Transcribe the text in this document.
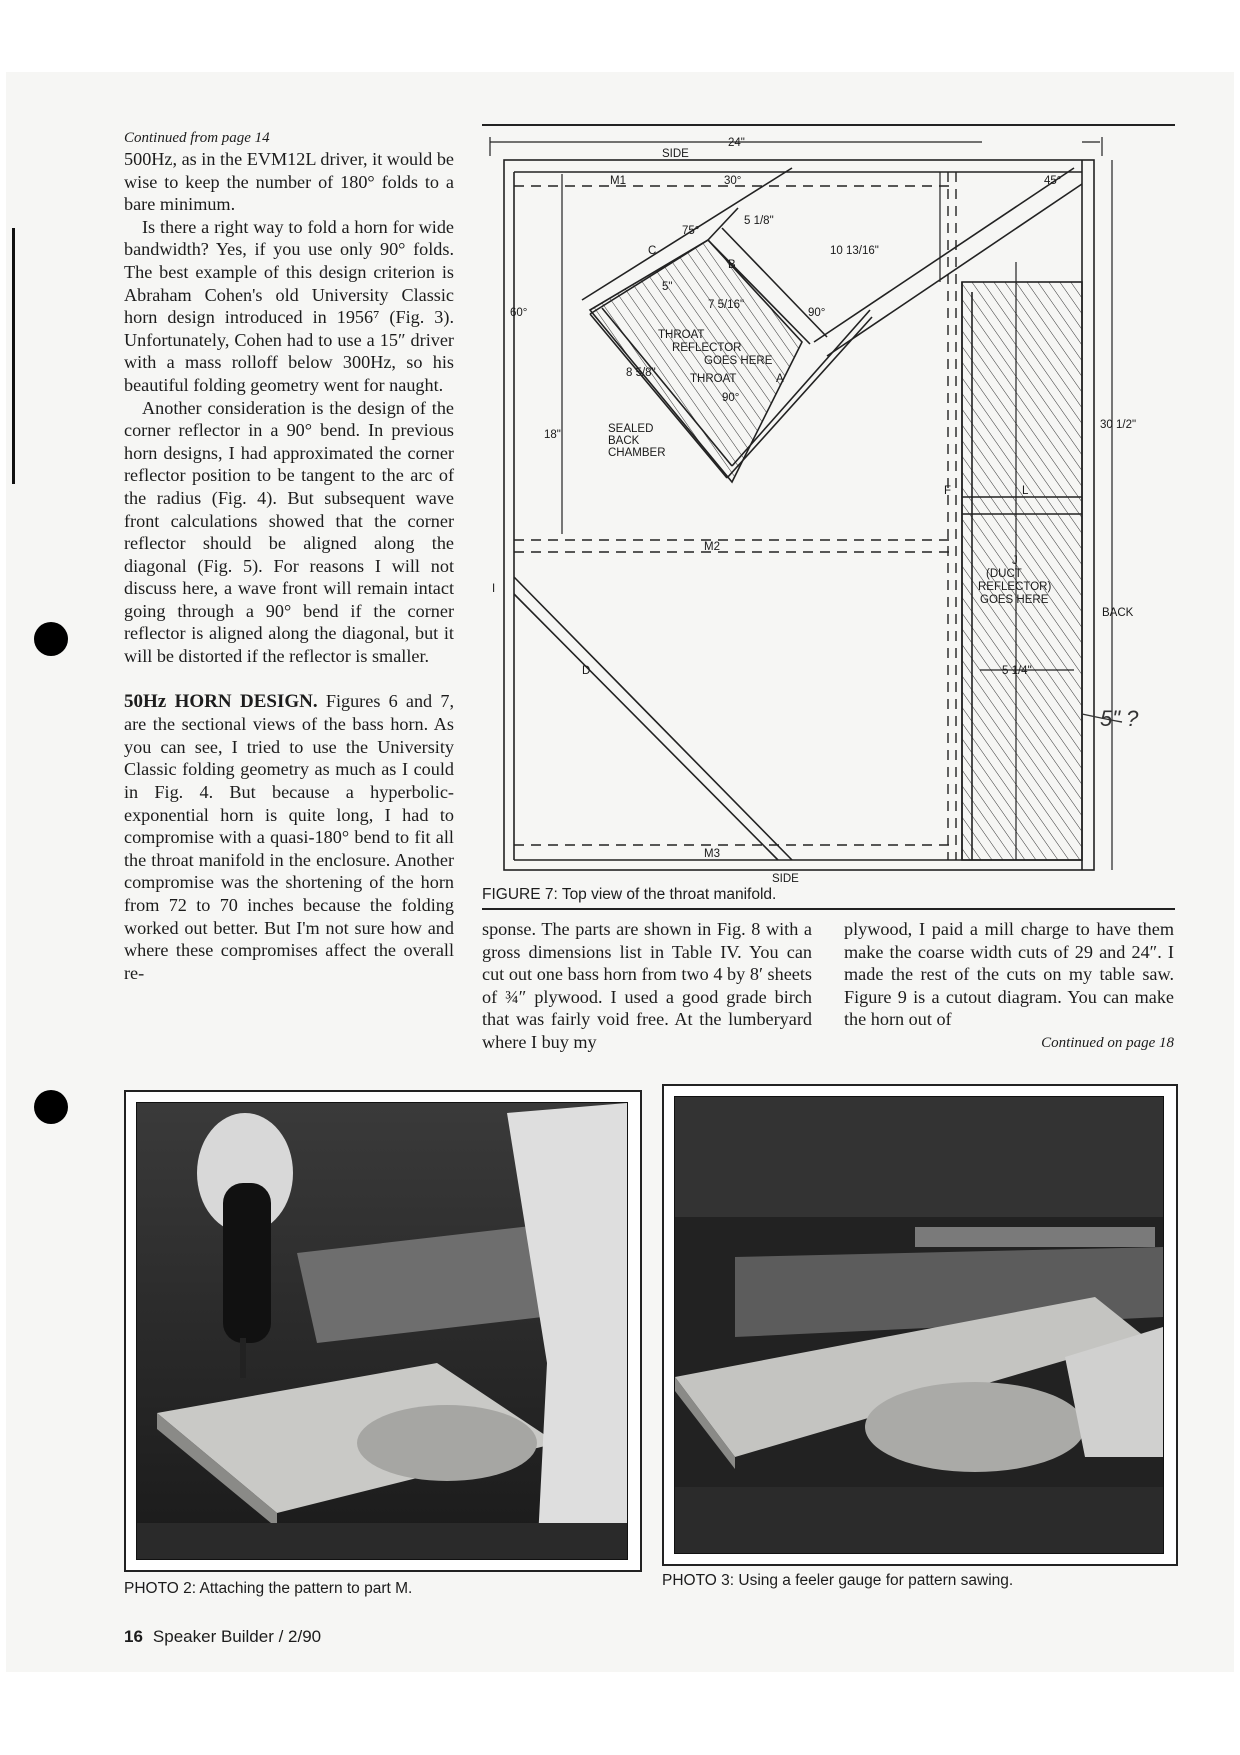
Continued from page 14

500Hz, as in the EVM12L driver, it would be wise to keep the number of 180° folds to a bare minimum.

Is there a right way to fold a horn for wide bandwidth? Yes, if you use only 90° folds. The best example of this design criterion is Abraham Cohen's old University Classic horn design introduced in 1956⁷ (Fig. 3). Unfortunately, Cohen had to use a 15″ driver with a mass rolloff below 300Hz, so his beautiful folding geometry went for naught.

Another consideration is the design of the corner reflector in a 90° bend. In previous horn designs, I had approximated the corner reflector position to be tangent to the arc of the radius (Fig. 4). But subsequent wave front calculations showed that the corner reflector should be aligned along the diagonal (Fig. 5). For reasons I will not discuss here, a wave front will remain intact going through a 90° bend if the corner reflector is aligned along the diagonal, but it will be distorted if the reflector is smaller.

50Hz HORN DESIGN. Figures 6 and 7, are the sectional views of the bass horn. As you can see, I tried to use the University Classic folding geometry as much as I could in Fig. 4. But because a hyperbolic-exponential horn is quite long, I had to compromise with a quasi-180° bend to fit all the throat manifold in the enclosure. Another compromise was the shortening of the horn from 72 to 70 inches because the folding worked out better. But I'm not sure how and where these compromises affect the overall re-

24"
SIDE
M1	30°	45°
5 1/8"
75°
10 13/16"
C
B
5"
7 5/16"
60°	90°
THROAT
REFLECTOR
GOES HERE
8 5/8"	THROAT	A
90°
18"	SEALED
BACK
CHAMBER
30 1/2"
L
F
M2
J
(DUCT
REFLECTOR)
GOES HERE
I
BACK
D	5 1/4"
M3
SIDE
5" ?
FIGURE 7: Top view of the throat manifold.

sponse. The parts are shown in Fig. 8 with a gross dimensions list in Table IV. You can cut out one bass horn from two 4 by 8′ sheets of ¾″ plywood. I used a good grade birch that was fairly void free. At the lumberyard where I buy my

plywood, I paid a mill charge to have them make the coarse width cuts of 29 and 24″. I made the rest of the cuts on my table saw. Figure 9 is a cutout diagram. You can make the horn out of

Continued on page 18
PHOTO 2: Attaching the pattern to part M.	PHOTO 3: Using a feeler gauge for pattern sawing.
16 Speaker Builder / 2/90
